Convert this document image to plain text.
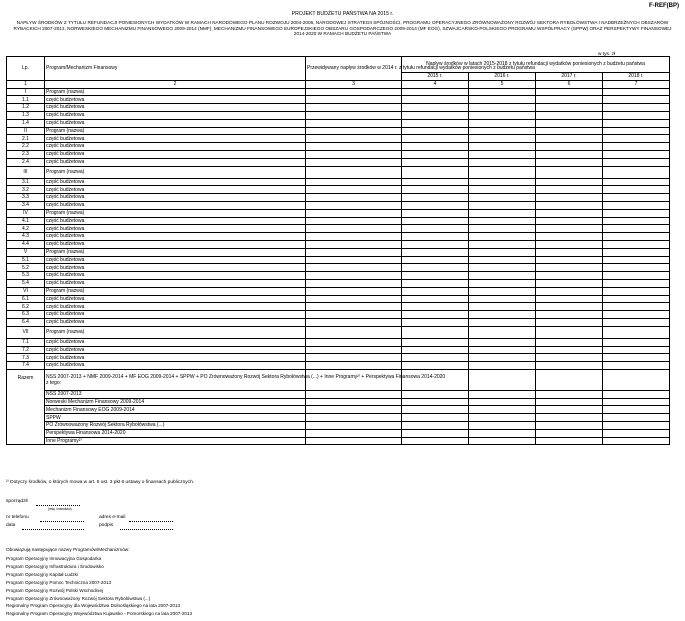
F-REF(BP)
PROJEKT BUDŻETU PAŃSTWA NA 2015 r.
NAPŁYW ŚRODKÓW Z TYTUŁU REFUNDACJI PONIESIONYCH WYDATKÓW W RAMACH NARODOWEGO PLANU ROZWOJU 2004-2006, NARODOWEJ STRATEGII SPÓJNOŚCI, PROGRAMU OPERACYJNEGO ZRÓWNOWAŻONY ROZWÓJ SEKTORA RYBOŁÓWSTWA I NADBRZEŻNYCH OBSZARÓW RYBACKICH 2007-2013, NORWESKIEGO MECHANIZMU FINANSOWEGO 2009-2014 (NMF), MECHANIZMU FINANSOWEGO EUROPEJSKIEGO OBSZARU GOSPODARCZEGO 2009-2014 (MF EOG), SZWAJCARSKO-POLSKIEGO PROGRAMU WSPÓŁPRACY (SPPW) ORAZ PERSPEKTYWY FINANSOWEJ 2014-2020 W RAMACH BUDŻETU PAŃSTWA
w tys. zł
Lp.	Program/Mechanizm Finansowy	Przewidywany napływ środków w 2014 r. z tytułu refundacji wydatków poniesionych z budżetu państwa	Napływ środków w latach 2015-2018 z tytułu refundacji wydatków poniesionych z budżetu państwa			
			2015 r.	2016 r.	2017 r.	2018 r.
1	2	3	4	5	6	7
I	Program (nazwa)					
1.1	część budżetowa					
1.2	część budżetowa					
1.3	część budżetowa					
1.4	część budżetowa					
II	Program (nazwa)					
2.1	część budżetowa					
2.2	część budżetowa					
2.3	część budżetowa					
2.4	część budżetowa					
III	Program (nazwa)					
3.1	część budżetowa					
3.2	część budżetowa					
3.3	część budżetowa					
3.4	część budżetowa					
IV	Program (nazwa)					
4.1	część budżetowa					
4.2	część budżetowa					
4.3	część budżetowa					
4.4	część budżetowa					
V	Program (nazwa)					
5.1	część budżetowa					
5.2	część budżetowa					
5.3	część budżetowa					
5.4	część budżetowa					
VI	Program (nazwa)					
6.1	część budżetowa					
6.2	część budżetowa					
6.3	część budżetowa					
6.4	część budżetowa					
VII	Program (nazwa)					
7.1	część budżetowa					
7.2	część budżetowa					
7.3	część budżetowa					
7.4	część budżetowa					
Razem	NSS 2007-2013 + NMF 2009-2014 + MF EOG 2009-2014 + SPPW + PO Zrównoważony Rozwój Sektora Rybołówstwa (...) + Inne Programy²⁾ + Perspektywa Finansowa 2014-2020
z tego:					
	NSS 2007-2013					
	Norweski Mechanizm Finansowy 2009-2014					
	Mechanizm Finansowy EOG 2009-2014					
	SPPW					
	PO Zrównoważony Rozwój Sektora Rybołówstwa (...)					
	Perspektywa Finansowa 2014-2020					
	Inne Programy²⁾					
²⁾ Dotyczy środków, o których mowa w art. 5 ust. 3 pkt 6 ustawy o finansach publicznych.
sporządził
(imię i nazwisko)
nr telefonu	adres e-mail
data	podpis
Obowiązują następujące nazwy Programów/Mechanizmów:
Program Operacyjny Innowacyjna Gospodarka
Program Operacyjny Infrastruktura i Środowisko
Program Operacyjny Kapitał Ludzki
Program Operacyjny Pomoc Techniczna 2007-2013
Program Operacyjny Rozwój Polski Wschodniej
Program Operacyjny Zrównoważony Rozwój Sektora Rybołówstwa (...)
Regionalny Program Operacyjny dla Województwa Dolnośląskiego na lata 2007-2013
Regionalny Program Operacyjny Województwa Kujawsko - Pomorskiego na lata 2007-2013
